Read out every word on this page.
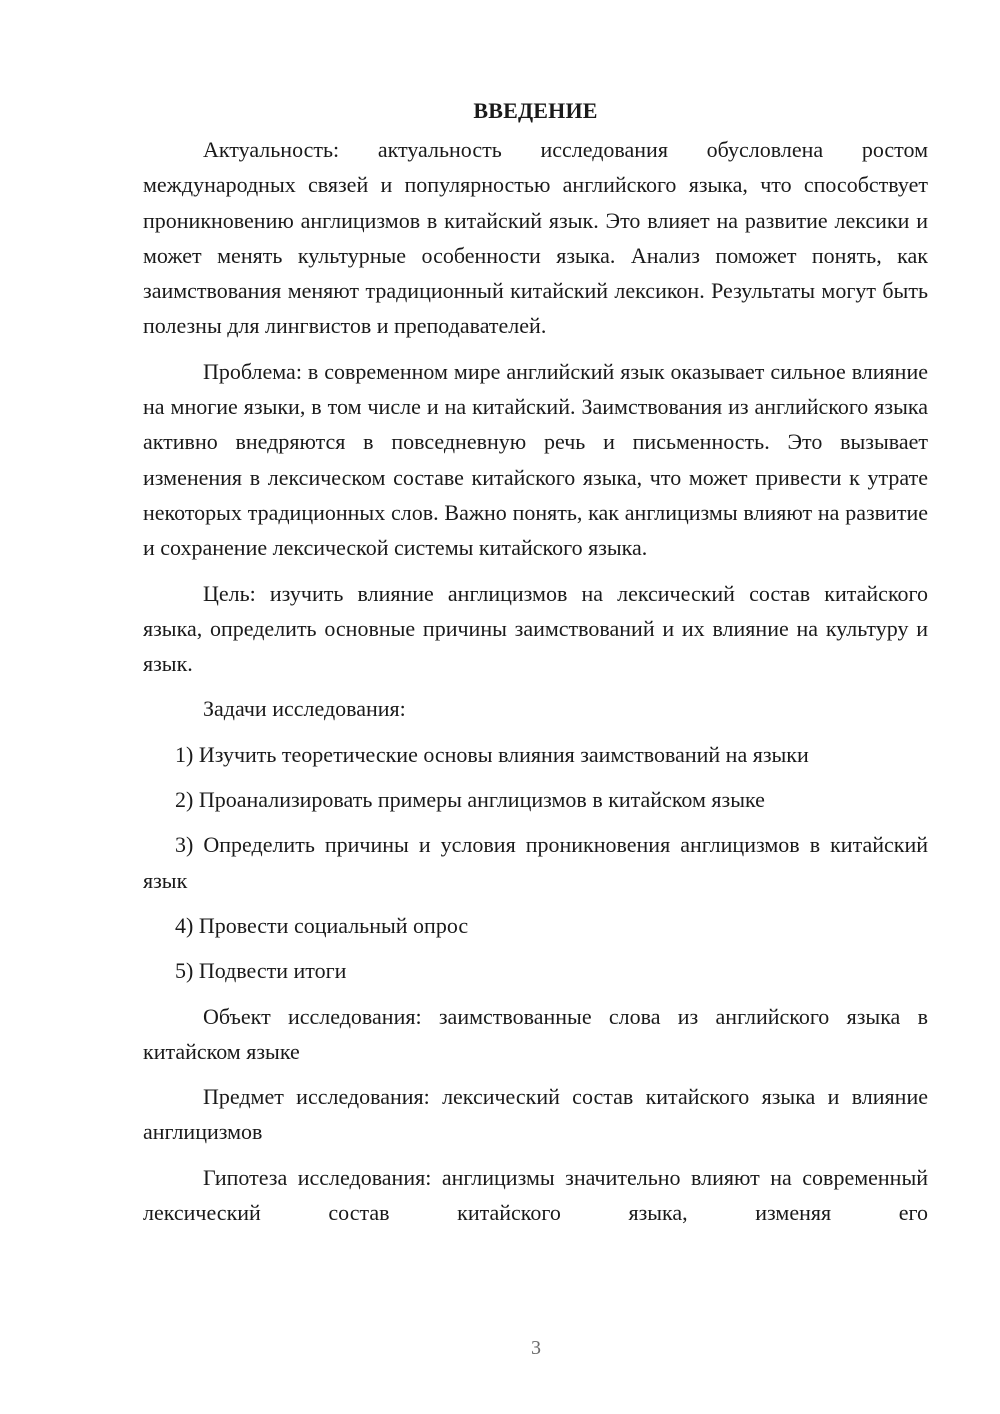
ВВЕДЕНИЕ

Актуальность: актуальность исследования обусловлена ростом международных связей и популярностью английского языка, что способствует проникновению англицизмов в китайский язык. Это влияет на развитие лексики и может менять культурные особенности языка. Анализ поможет понять, как заимствования меняют традиционный китайский лексикон. Результаты могут быть полезны для лингвистов и преподавателей.

Проблема: в современном мире английский язык оказывает сильное влияние на многие языки, в том числе и на китайский. Заимствования из английского языка активно внедряются в повседневную речь и письменность. Это вызывает изменения в лексическом составе китайского языка, что может привести к утрате некоторых традиционных слов. Важно понять, как англицизмы влияют на развитие и сохранение лексической системы китайского языка.

Цель: изучить влияние англицизмов на лексический состав китайского языка, определить основные причины заимствований и их влияние на культуру и язык.

Задачи исследования:

1) Изучить теоретические основы влияния заимствований на языки

2) Проанализировать примеры англицизмов в китайском языке

3) Определить причины и условия проникновения англицизмов в китайский язык

4) Провести социальный опрос

5) Подвести итоги

Объект исследования: заимствованные слова из английского языка в китайском языке

Предмет исследования: лексический состав китайского языка и влияние англицизмов

Гипотеза исследования: англицизмы значительно влияют на современный лексический состав китайского языка, изменяя его

3
